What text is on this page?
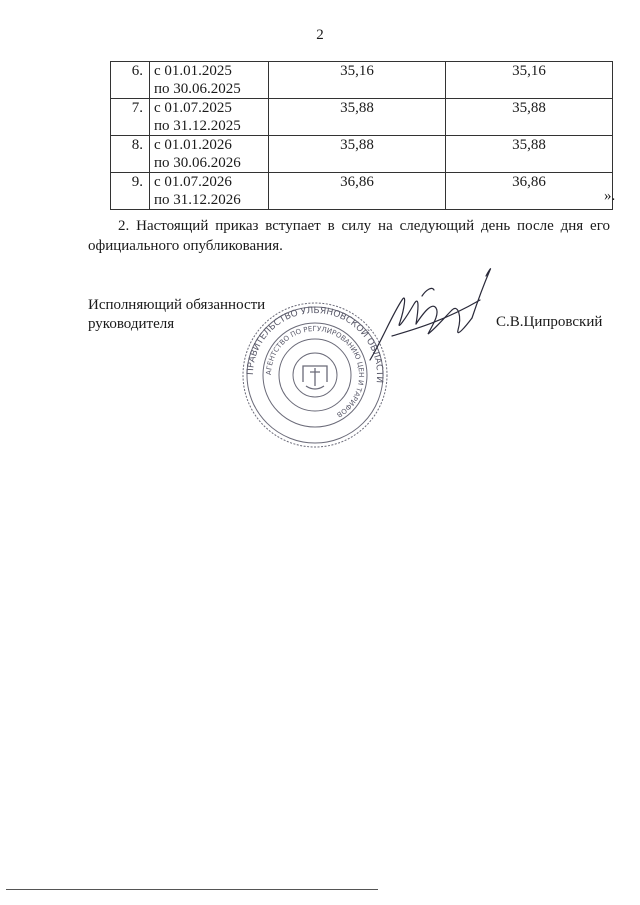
2
6.	с 01.01.2025
по 30.06.2025	35,16	35,16
7.	с 01.07.2025
по 31.12.2025	35,88	35,88
8.	с 01.01.2026
по 30.06.2026	35,88	35,88
9.	с 01.07.2026
по 31.12.2026	36,86	36,86
».
2. Настоящий приказ вступает в силу на следующий день после дня его официального опубликования.
Исполняющий обязанности
руководителя	С.В.Ципровский
ПРАВИТЕЛЬСТВО УЛЬЯНОВСКОЙ ОБЛАСТИ
АГЕНТСТВО ПО РЕГУЛИРОВАНИЮ ЦЕН И ТАРИФОВ
